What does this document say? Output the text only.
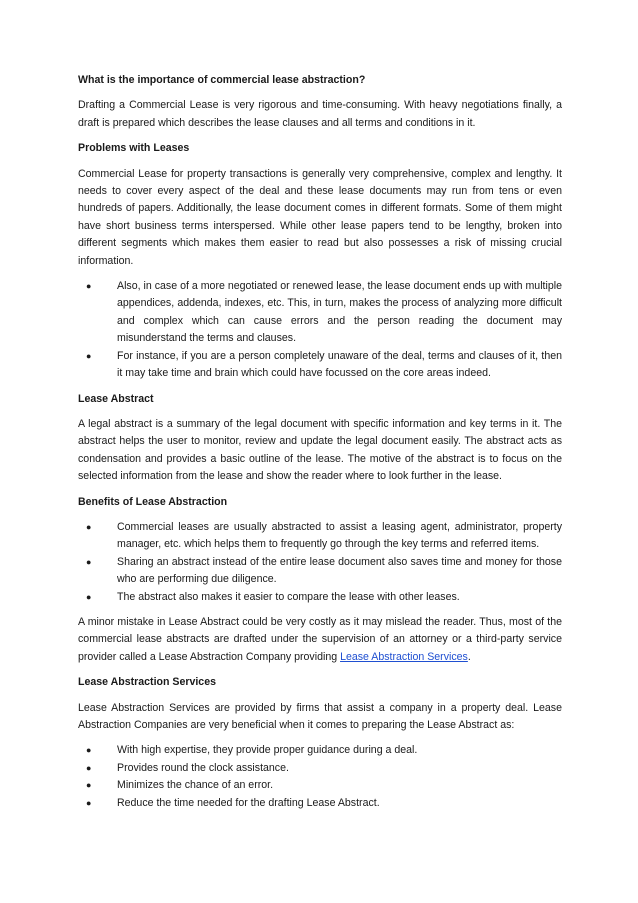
What is the importance of commercial lease abstraction?

Drafting a Commercial Lease is very rigorous and time-consuming. With heavy negotiations finally, a draft is prepared which describes the lease clauses and all terms and conditions in it.

Problems with Leases

Commercial Lease for property transactions is generally very comprehensive, complex and lengthy. It needs to cover every aspect of the deal and these lease documents may run from tens or even hundreds of papers. Additionally, the lease document comes in different formats. Some of them might have short business terms interspersed. While other lease papers tend to be lengthy, broken into different segments which makes them easier to read but also possesses a risk of missing crucial information.

● Also, in case of a more negotiated or renewed lease, the lease document ends up with multiple appendices, addenda, indexes, etc. This, in turn, makes the process of analyzing more difficult and complex which can cause errors and the person reading the document may misunderstand the terms and clauses.
● For instance, if you are a person completely unaware of the deal, terms and clauses of it, then it may take time and brain which could have focussed on the core areas indeed.

Lease Abstract

A legal abstract is a summary of the legal document with specific information and key terms in it. The abstract helps the user to monitor, review and update the legal document easily. The abstract acts as condensation and provides a basic outline of the lease. The motive of the abstract is to focus on the selected information from the lease and show the reader where to look further in the lease.

Benefits of Lease Abstraction

● Commercial leases are usually abstracted to assist a leasing agent, administrator, property manager, etc. which helps them to frequently go through the key terms and referred items.
● Sharing an abstract instead of the entire lease document also saves time and money for those who are performing due diligence.
● The abstract also makes it easier to compare the lease with other leases.

A minor mistake in Lease Abstract could be very costly as it may mislead the reader. Thus, most of the commercial lease abstracts are drafted under the supervision of an attorney or a third-party service provider called a Lease Abstraction Company providing Lease Abstraction Services.

Lease Abstraction Services

Lease Abstraction Services are provided by firms that assist a company in a property deal. Lease Abstraction Companies are very beneficial when it comes to preparing the Lease Abstract as:

● With high expertise, they provide proper guidance during a deal.
● Provides round the clock assistance.
● Minimizes the chance of an error.
● Reduce the time needed for the drafting Lease Abstract.
